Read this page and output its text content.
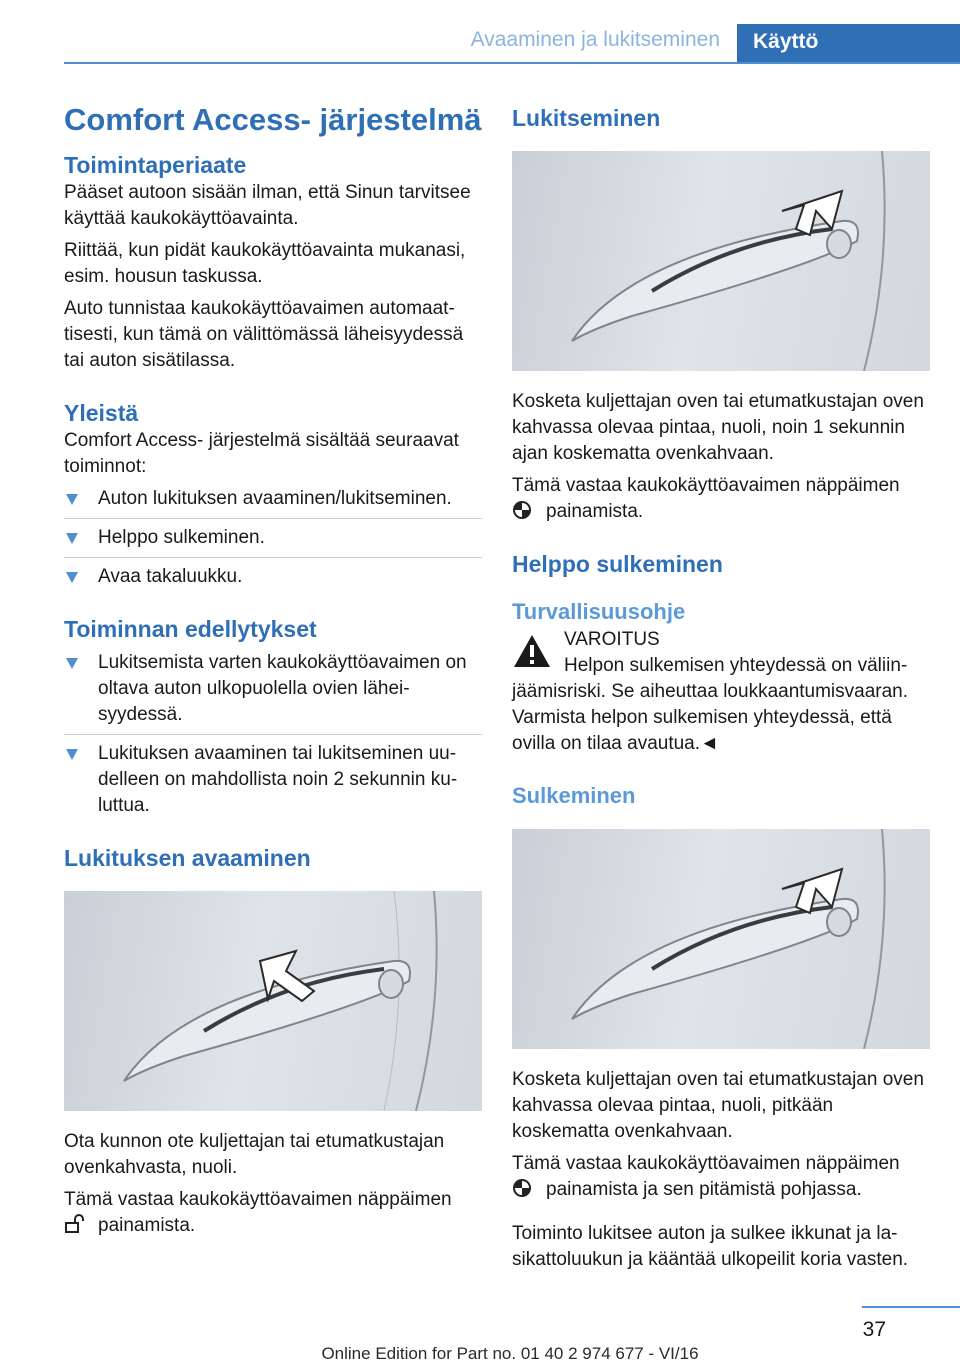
Avaaminen ja lukitseminen Käyttö
Comfort Access- järjestelmä
Toimintaperiaate

Pääset autoon sisään ilman, että Sinun tarvitsee käyttää kaukokäyttöavainta.

Riittää, kun pidät kaukokäyttöavainta mukanasi, esim. housun taskussa.

Auto tunnistaa kaukokäyttöavaimen automaattisesti, kun tämä on välittömässä läheisyydessä tai auton sisätilassa.

Yleistä

Comfort Access- järjestelmä sisältää seuraavat toiminnot:

Auton lukituksen avaaminen/lukitseminen.
Helppo sulkeminen.
Avaa takaluukku.
Toiminnan edellytykset
Lukitsemista varten kaukokäyttöavaimen on oltava auton ulkopuolella ovien läheisyydessä.
Lukituksen avaaminen tai lukitseminen uudelleen on mahdollista noin 2 sekunnin kuluttua.
Lukituksen avaaminen

Ota kunnon ote kuljettajan tai etumatkustajan ovenkahvasta, nuoli.

Tämä vastaa kaukokäyttöavaimen näppäimen
painamista.

Lukitseminen

Kosketa kuljettajan oven tai etumatkustajan oven kahvassa olevaa pintaa, nuoli, noin 1 sekunnin ajan koskematta ovenkahvaan.

Tämä vastaa kaukokäyttöavaimen näppäimen
painamista.

Helppo sulkeminen
Turvallisuusohje

VAROITUS

Helpon sulkemisen yhteydessä on väliinjäämisriski. Se aiheuttaa loukkaantumisvaaran. Varmista helpon sulkemisen yhteydessä, että ovilla on tilaa avautua.◄

Sulkeminen

Kosketa kuljettajan oven tai etumatkustajan oven kahvassa olevaa pintaa, nuoli, pitkään koskematta ovenkahvaan.

Tämä vastaa kaukokäyttöavaimen näppäimen
painamista ja sen pitämistä pohjassa.

Toiminto lukitsee auton ja sulkee ikkunat ja lasikattoluukun ja kääntää ulkopeilit koria vasten.

37
Online Edition for Part no. 01 40 2 974 677 - VI/16
